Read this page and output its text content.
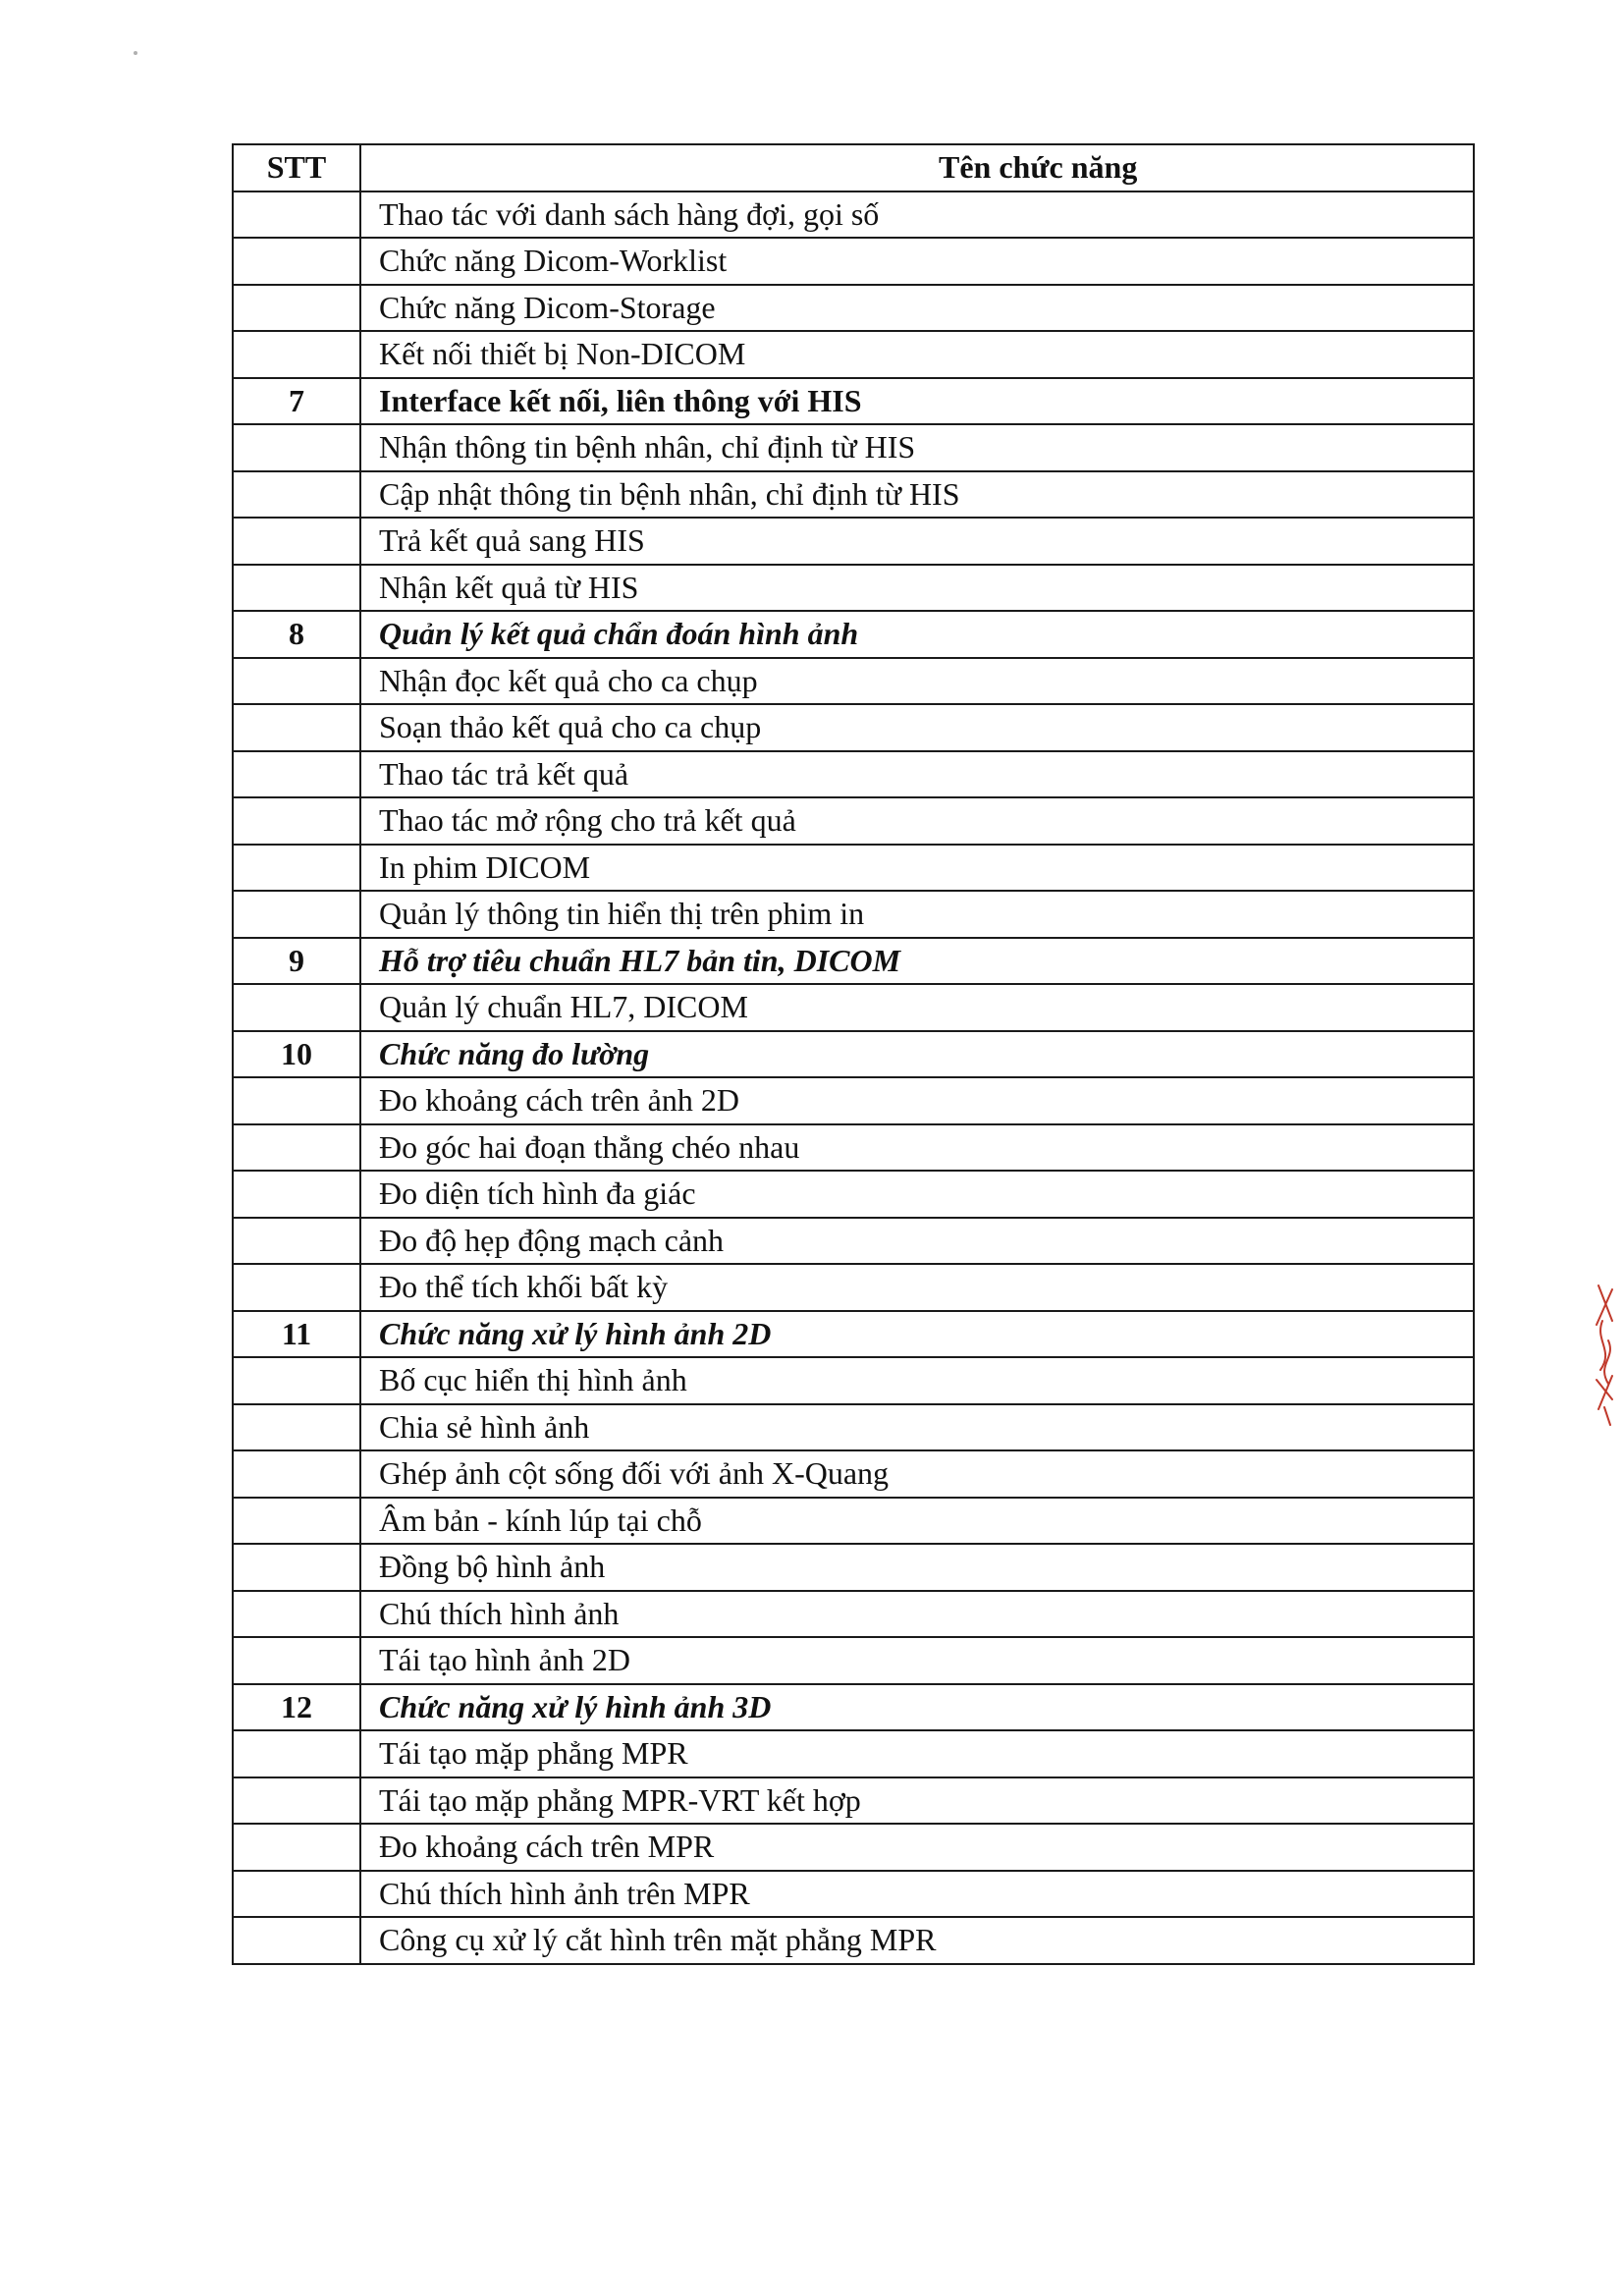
STT	Tên chức năng
	Thao tác với danh sách hàng đợi, gọi số
	Chức năng Dicom-Worklist
	Chức năng Dicom-Storage
	Kết nối thiết bị Non-DICOM
7	Interface kết nối, liên thông với HIS
	Nhận thông tin bệnh nhân, chỉ định từ HIS
	Cập nhật thông tin bệnh nhân, chỉ định từ HIS
	Trả kết quả sang HIS
	Nhận kết quả từ HIS
8	Quản lý kết quả chẩn đoán hình ảnh
	Nhận đọc kết quả cho ca chụp
	Soạn thảo kết quả cho ca chụp
	Thao tác trả kết quả
	Thao tác mở rộng cho trả kết quả
	In phim DICOM
	Quản lý thông tin hiển thị trên phim in
9	Hỗ trợ tiêu chuẩn HL7 bản tin, DICOM
	Quản lý chuẩn HL7, DICOM
10	Chức năng đo lường
	Đo khoảng cách trên ảnh 2D
	Đo góc hai đoạn thẳng chéo nhau
	Đo diện tích hình đa giác
	Đo độ hẹp động mạch cảnh
	Đo thể tích khối bất kỳ
11	Chức năng xử lý hình ảnh 2D
	Bố cục hiển thị hình ảnh
	Chia sẻ hình ảnh
	Ghép ảnh cột sống đối với ảnh X-Quang
	Âm bản - kính lúp tại chỗ
	Đồng bộ hình ảnh
	Chú thích hình ảnh
	Tái tạo hình ảnh 2D
12	Chức năng xử lý hình ảnh 3D
	Tái tạo mặp phẳng MPR
	Tái tạo mặp phẳng MPR-VRT kết hợp
	Đo khoảng cách trên MPR
	Chú thích hình ảnh trên MPR
	Công cụ xử lý cắt hình trên mặt phẳng MPR
